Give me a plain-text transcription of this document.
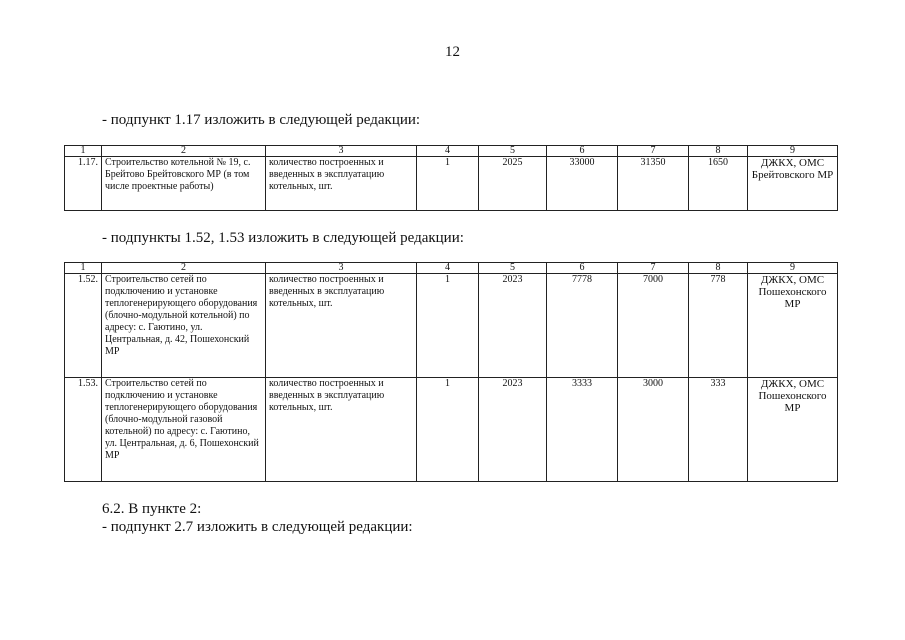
12
- подпункт 1.17 изложить в следующей редакции:
1	2	3	4	5	6	7	8	9
1.17.	Строительство котельной № 19, с. Брейтово Брейтовского МР (в том числе проектные работы)	количество построенных и введенных в эксплуатацию котельных, шт.	1	2025	33000	31350	1650	ДЖКХ, ОМС Брейтовского МР
- подпункты 1.52, 1.53 изложить в следующей редакции:
1	2	3	4	5	6	7	8	9
1.52.	Строительство сетей по подключению и установке теплогенерирующего оборудования (блочно-модульной котельной) по адресу: с. Гаютино, ул. Центральная, д. 42, Пошехонский МР	количество построенных и введенных в эксплуатацию котельных, шт.	1	2023	7778	7000	778	ДЖКХ, ОМС Пошехонского МР
1.53.	Строительство сетей по подключению и установке теплогенерирующего оборудования (блочно-модульной газовой котельной) по адресу: с. Гаютино, ул. Центральная, д. 6, Пошехонский МР	количество построенных и введенных в эксплуатацию котельных, шт.	1	2023	3333	3000	333	ДЖКХ, ОМС Пошехонского МР
6.2. В пункте 2:
- подпункт 2.7 изложить в следующей редакции:
